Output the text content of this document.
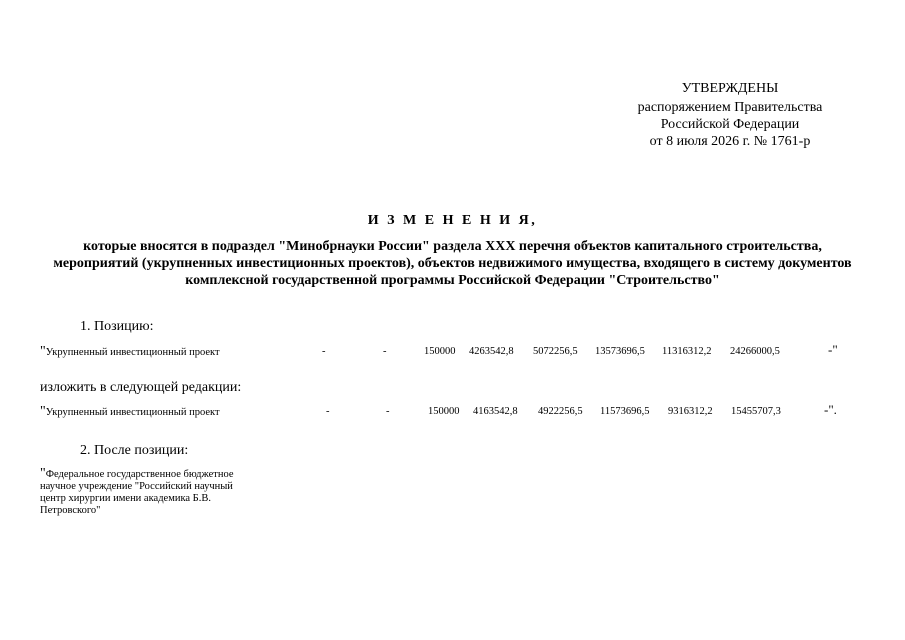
УТВЕРЖДЕНЫ
распоряжением Правительства
Российской Федерации
от 8 июля 2026 г. № 1761-р
И З М Е Н Е Н И Я,
которые вносятся в подраздел "Минобрнауки России" раздела XXX перечня объектов капитального строительства, мероприятий (укрупненных инвестиционных проектов), объектов недвижимого имущества, входящего в систему документов комплексной государственной программы Российской Федерации "Строительство"
1. Позицию:
"Укрупненный инвестиционный проект	-	-	150000 4263542,8 5072256,5 13573696,5 11316312,2 24266000,5	-"
изложить в следующей редакции:
"Укрупненный инвестиционный проект	-	-	150000 4163542,8 4922256,5 11573696,5 9316312,2 15455707,3	-".
2. После позиции:
"Федеральное государственное бюджетное научное учреждение "Российский научный центр хирургии имени академика Б.В. Петровского"
